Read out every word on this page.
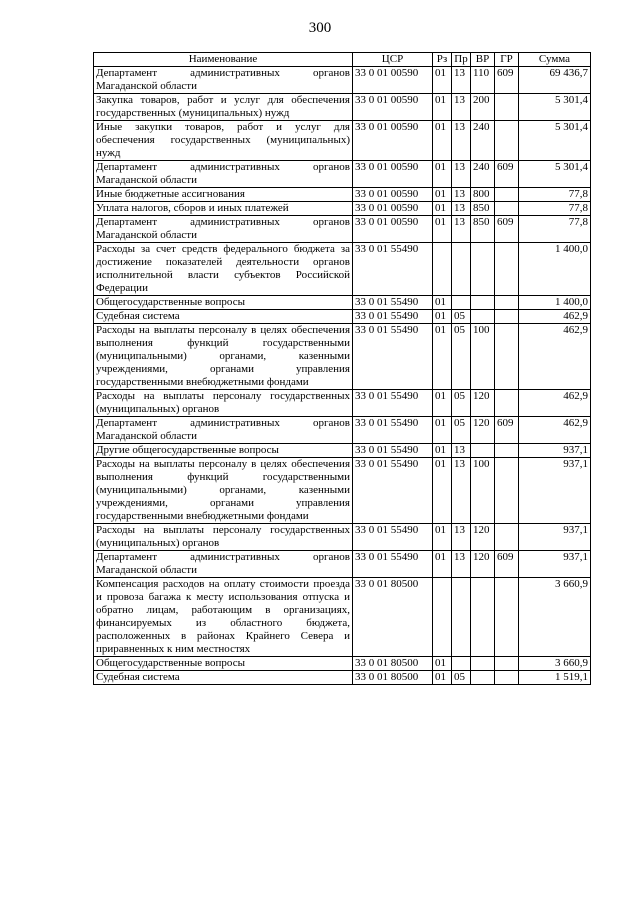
300
Наименование	ЦСР	Рз	Пр	ВР	ГР	Сумма
Департамент административных органов Магаданской области	33 0 01 00590	01	13	110	609	69 436,7
Закупка товаров, работ и услуг для обеспечения государственных (муниципальных) нужд	33 0 01 00590	01	13	200		5 301,4
Иные закупки товаров, работ и услуг для обеспечения государственных (муниципальных) нужд	33 0 01 00590	01	13	240		5 301,4
Департамент административных органов Магаданской области	33 0 01 00590	01	13	240	609	5 301,4
Иные бюджетные ассигнования	33 0 01 00590	01	13	800		77,8
Уплата налогов, сборов и иных платежей	33 0 01 00590	01	13	850		77,8
Департамент административных органов Магаданской области	33 0 01 00590	01	13	850	609	77,8
Расходы за счет средств федерального бюджета за достижение показателей деятельности органов исполнительной власти субъектов Российской Федерации	33 0 01 55490					1 400,0
Общегосударственные вопросы	33 0 01 55490	01				1 400,0
Судебная система	33 0 01 55490	01	05			462,9
Расходы на выплаты персоналу в целях обеспечения выполнения функций государственными (муниципальными) органами, казенными учреждениями, органами управления государственными внебюджетными фондами	33 0 01 55490	01	05	100		462,9
Расходы на выплаты персоналу государственных (муниципальных) органов	33 0 01 55490	01	05	120		462,9
Департамент административных органов Магаданской области	33 0 01 55490	01	05	120	609	462,9
Другие общегосударственные вопросы	33 0 01 55490	01	13			937,1
Расходы на выплаты персоналу в целях обеспечения выполнения функций государственными (муниципальными) органами, казенными учреждениями, органами управления государственными внебюджетными фондами	33 0 01 55490	01	13	100		937,1
Расходы на выплаты персоналу государственных (муниципальных) органов	33 0 01 55490	01	13	120		937,1
Департамент административных органов Магаданской области	33 0 01 55490	01	13	120	609	937,1
Компенсация расходов на оплату стоимости проезда и провоза багажа к месту использования отпуска и обратно лицам, работающим в организациях, финансируемых из областного бюджета, расположенных в районах Крайнего Севера и приравненных к ним местностях	33 0 01 80500					3 660,9
Общегосударственные вопросы	33 0 01 80500	01				3 660,9
Судебная система	33 0 01 80500	01	05			1 519,1
